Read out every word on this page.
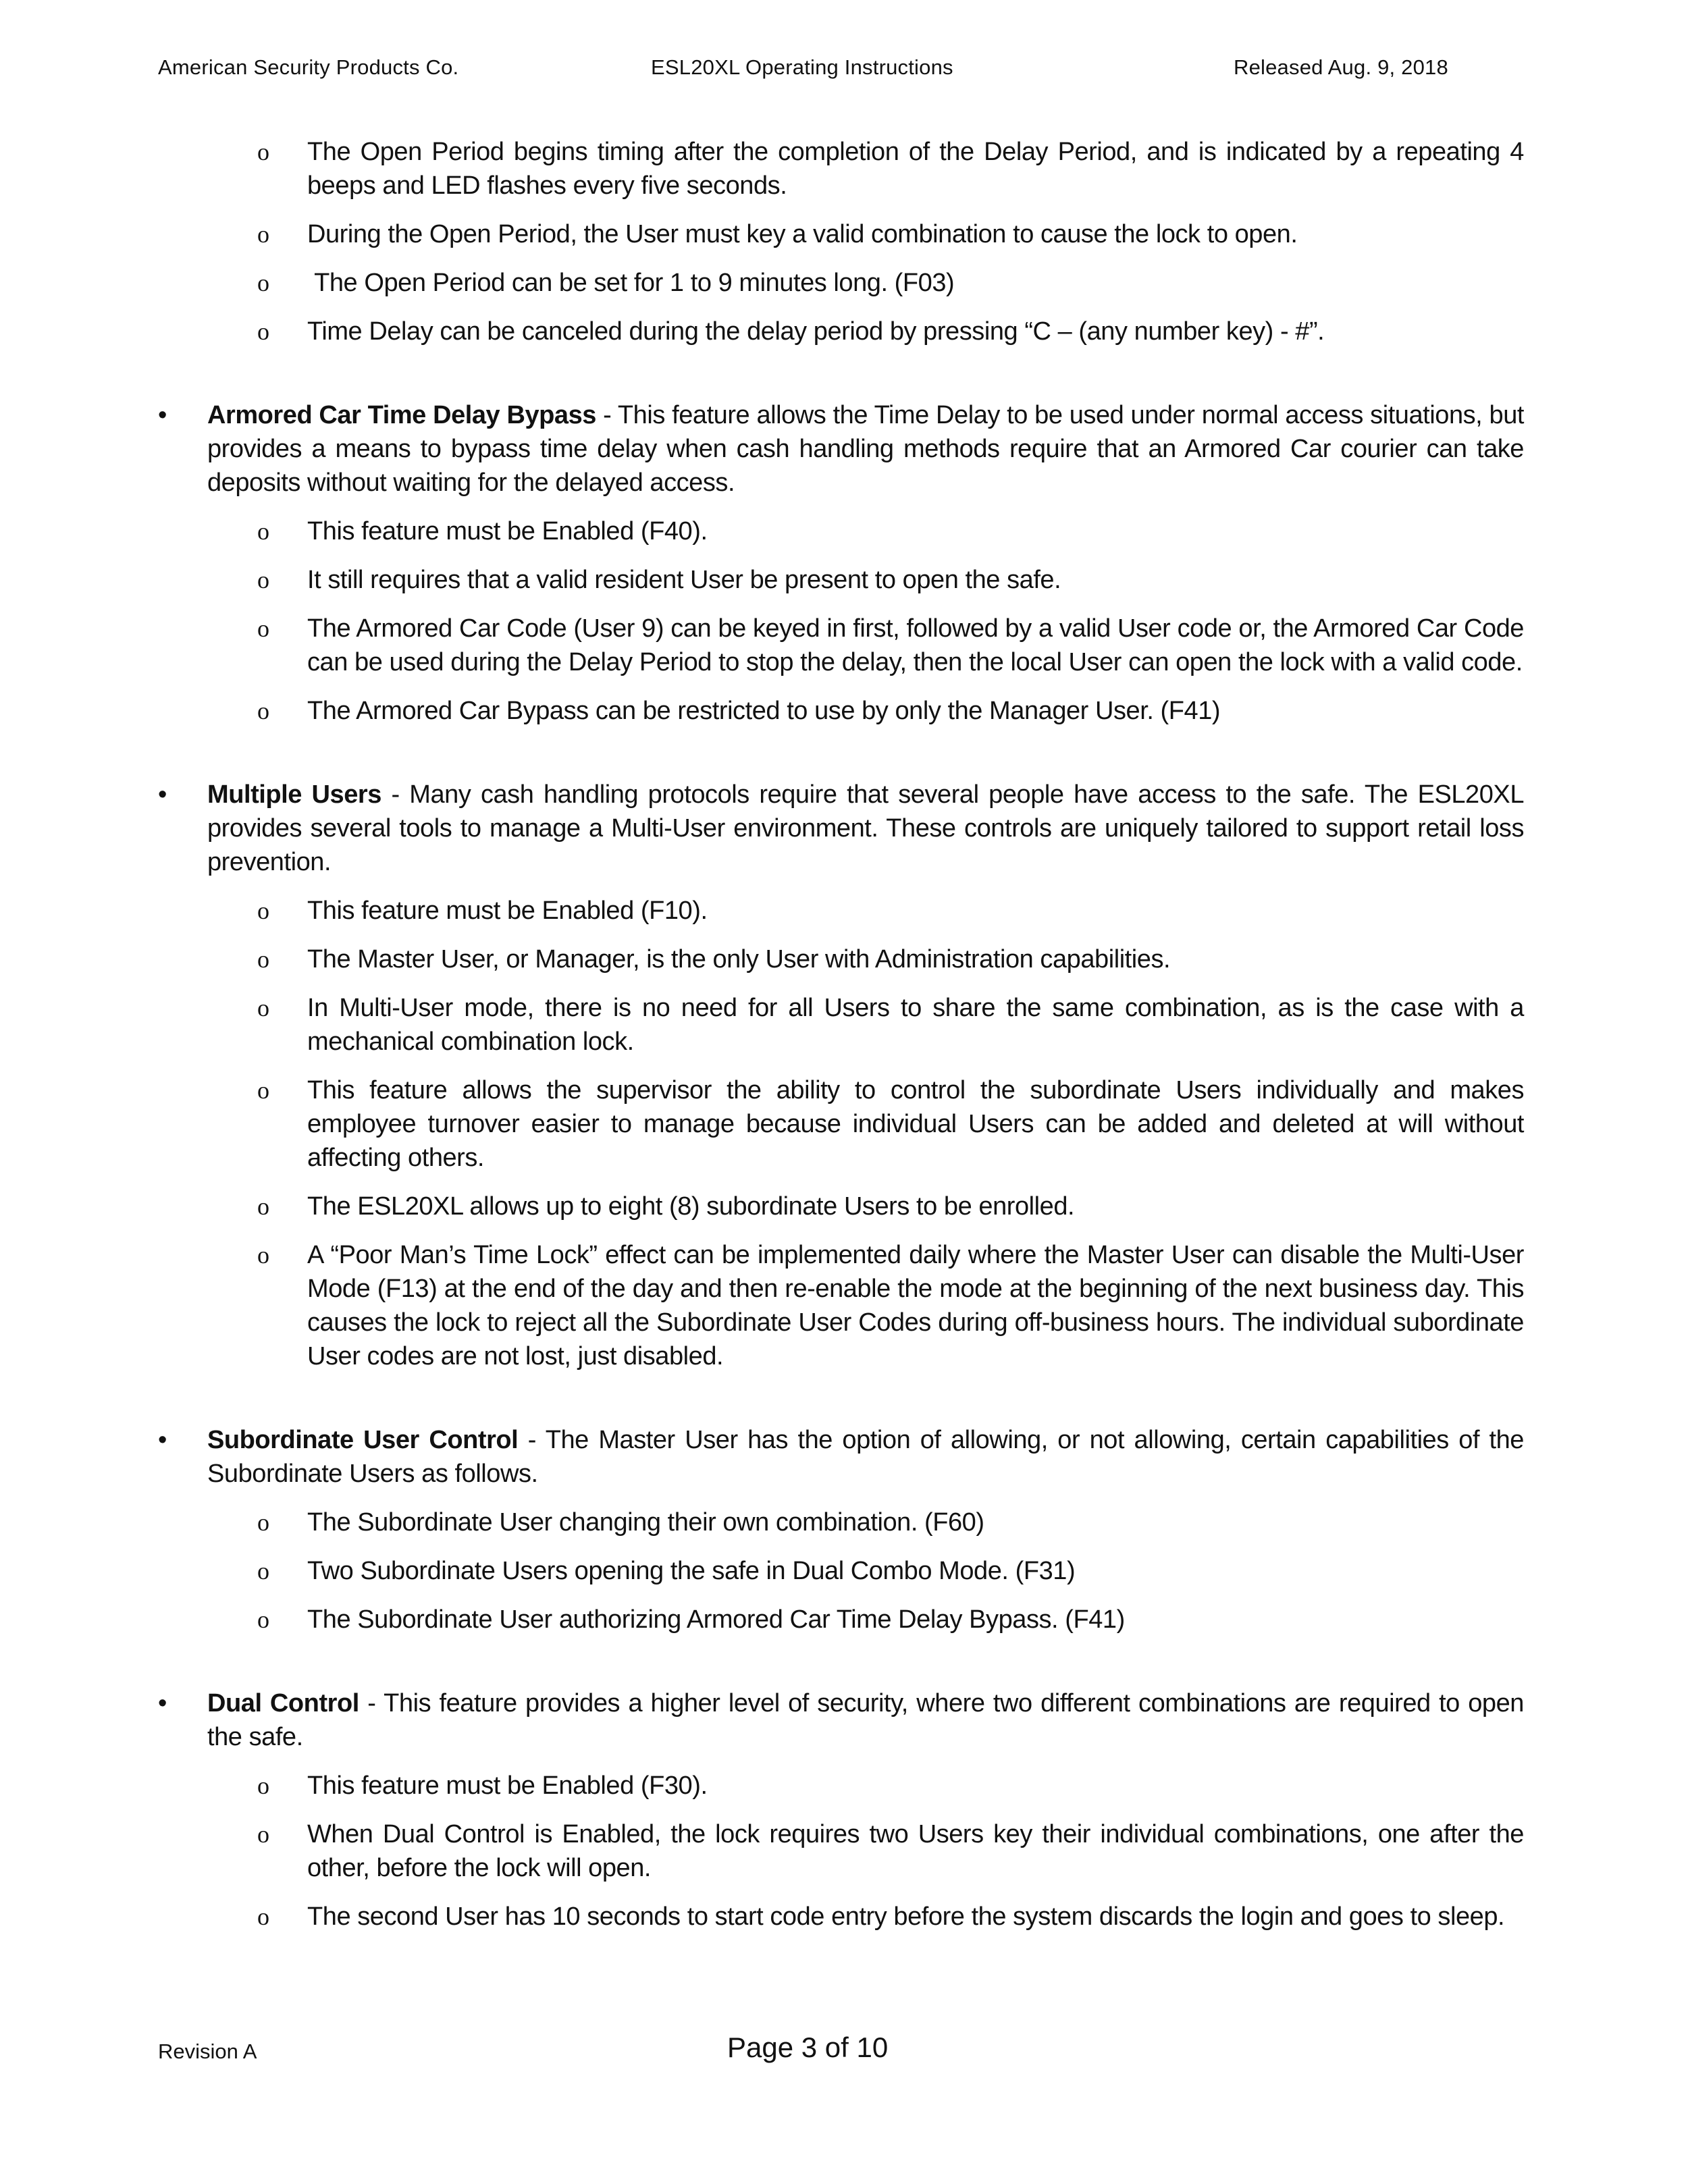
American Security Products Co.	ESL20XL Operating Instructions	Released Aug. 9, 2018
o The Open Period begins timing after the completion of the Delay Period, and is indicated by a repeating 4 beeps and LED flashes every five seconds.
o During the Open Period, the User must key a valid combination to cause the lock to open.
o The Open Period can be set for 1 to 9 minutes long. (F03)
o Time Delay can be canceled during the delay period by pressing “C – (any number key) - #”.
• Armored Car Time Delay Bypass - This feature allows the Time Delay to be used under normal access situations, but provides a means to bypass time delay when cash handling methods require that an Armored Car courier can take deposits without waiting for the delayed access.
o This feature must be Enabled (F40).
o It still requires that a valid resident User be present to open the safe.
o The Armored Car Code (User 9) can be keyed in first, followed by a valid User code or, the Armored Car Code can be used during the Delay Period to stop the delay, then the local User can open the lock with a valid code.
o The Armored Car Bypass can be restricted to use by only the Manager User. (F41)
• Multiple Users - Many cash handling protocols require that several people have access to the safe. The ESL20XL provides several tools to manage a Multi-User environment. These controls are uniquely tailored to support retail loss prevention.
o This feature must be Enabled (F10).
o The Master User, or Manager, is the only User with Administration capabilities.
o In Multi-User mode, there is no need for all Users to share the same combination, as is the case with a mechanical combination lock.
o This feature allows the supervisor the ability to control the subordinate Users individually and makes employee turnover easier to manage because individual Users can be added and deleted at will without affecting others.
o The ESL20XL allows up to eight (8) subordinate Users to be enrolled.
o A “Poor Man’s Time Lock” effect can be implemented daily where the Master User can disable the Multi-User Mode (F13) at the end of the day and then re-enable the mode at the beginning of the next business day. This causes the lock to reject all the Subordinate User Codes during off-business hours. The individual subordinate User codes are not lost, just disabled.
• Subordinate User Control - The Master User has the option of allowing, or not allowing, certain capabilities of the Subordinate Users as follows.
o The Subordinate User changing their own combination. (F60)
o Two Subordinate Users opening the safe in Dual Combo Mode. (F31)
o The Subordinate User authorizing Armored Car Time Delay Bypass. (F41)
• Dual Control - This feature provides a higher level of security, where two different combinations are required to open the safe.
o This feature must be Enabled (F30).
o When Dual Control is Enabled, the lock requires two Users key their individual combinations, one after the other, before the lock will open.
o The second User has 10 seconds to start code entry before the system discards the login and goes to sleep.
Revision A	Page 3 of 10
